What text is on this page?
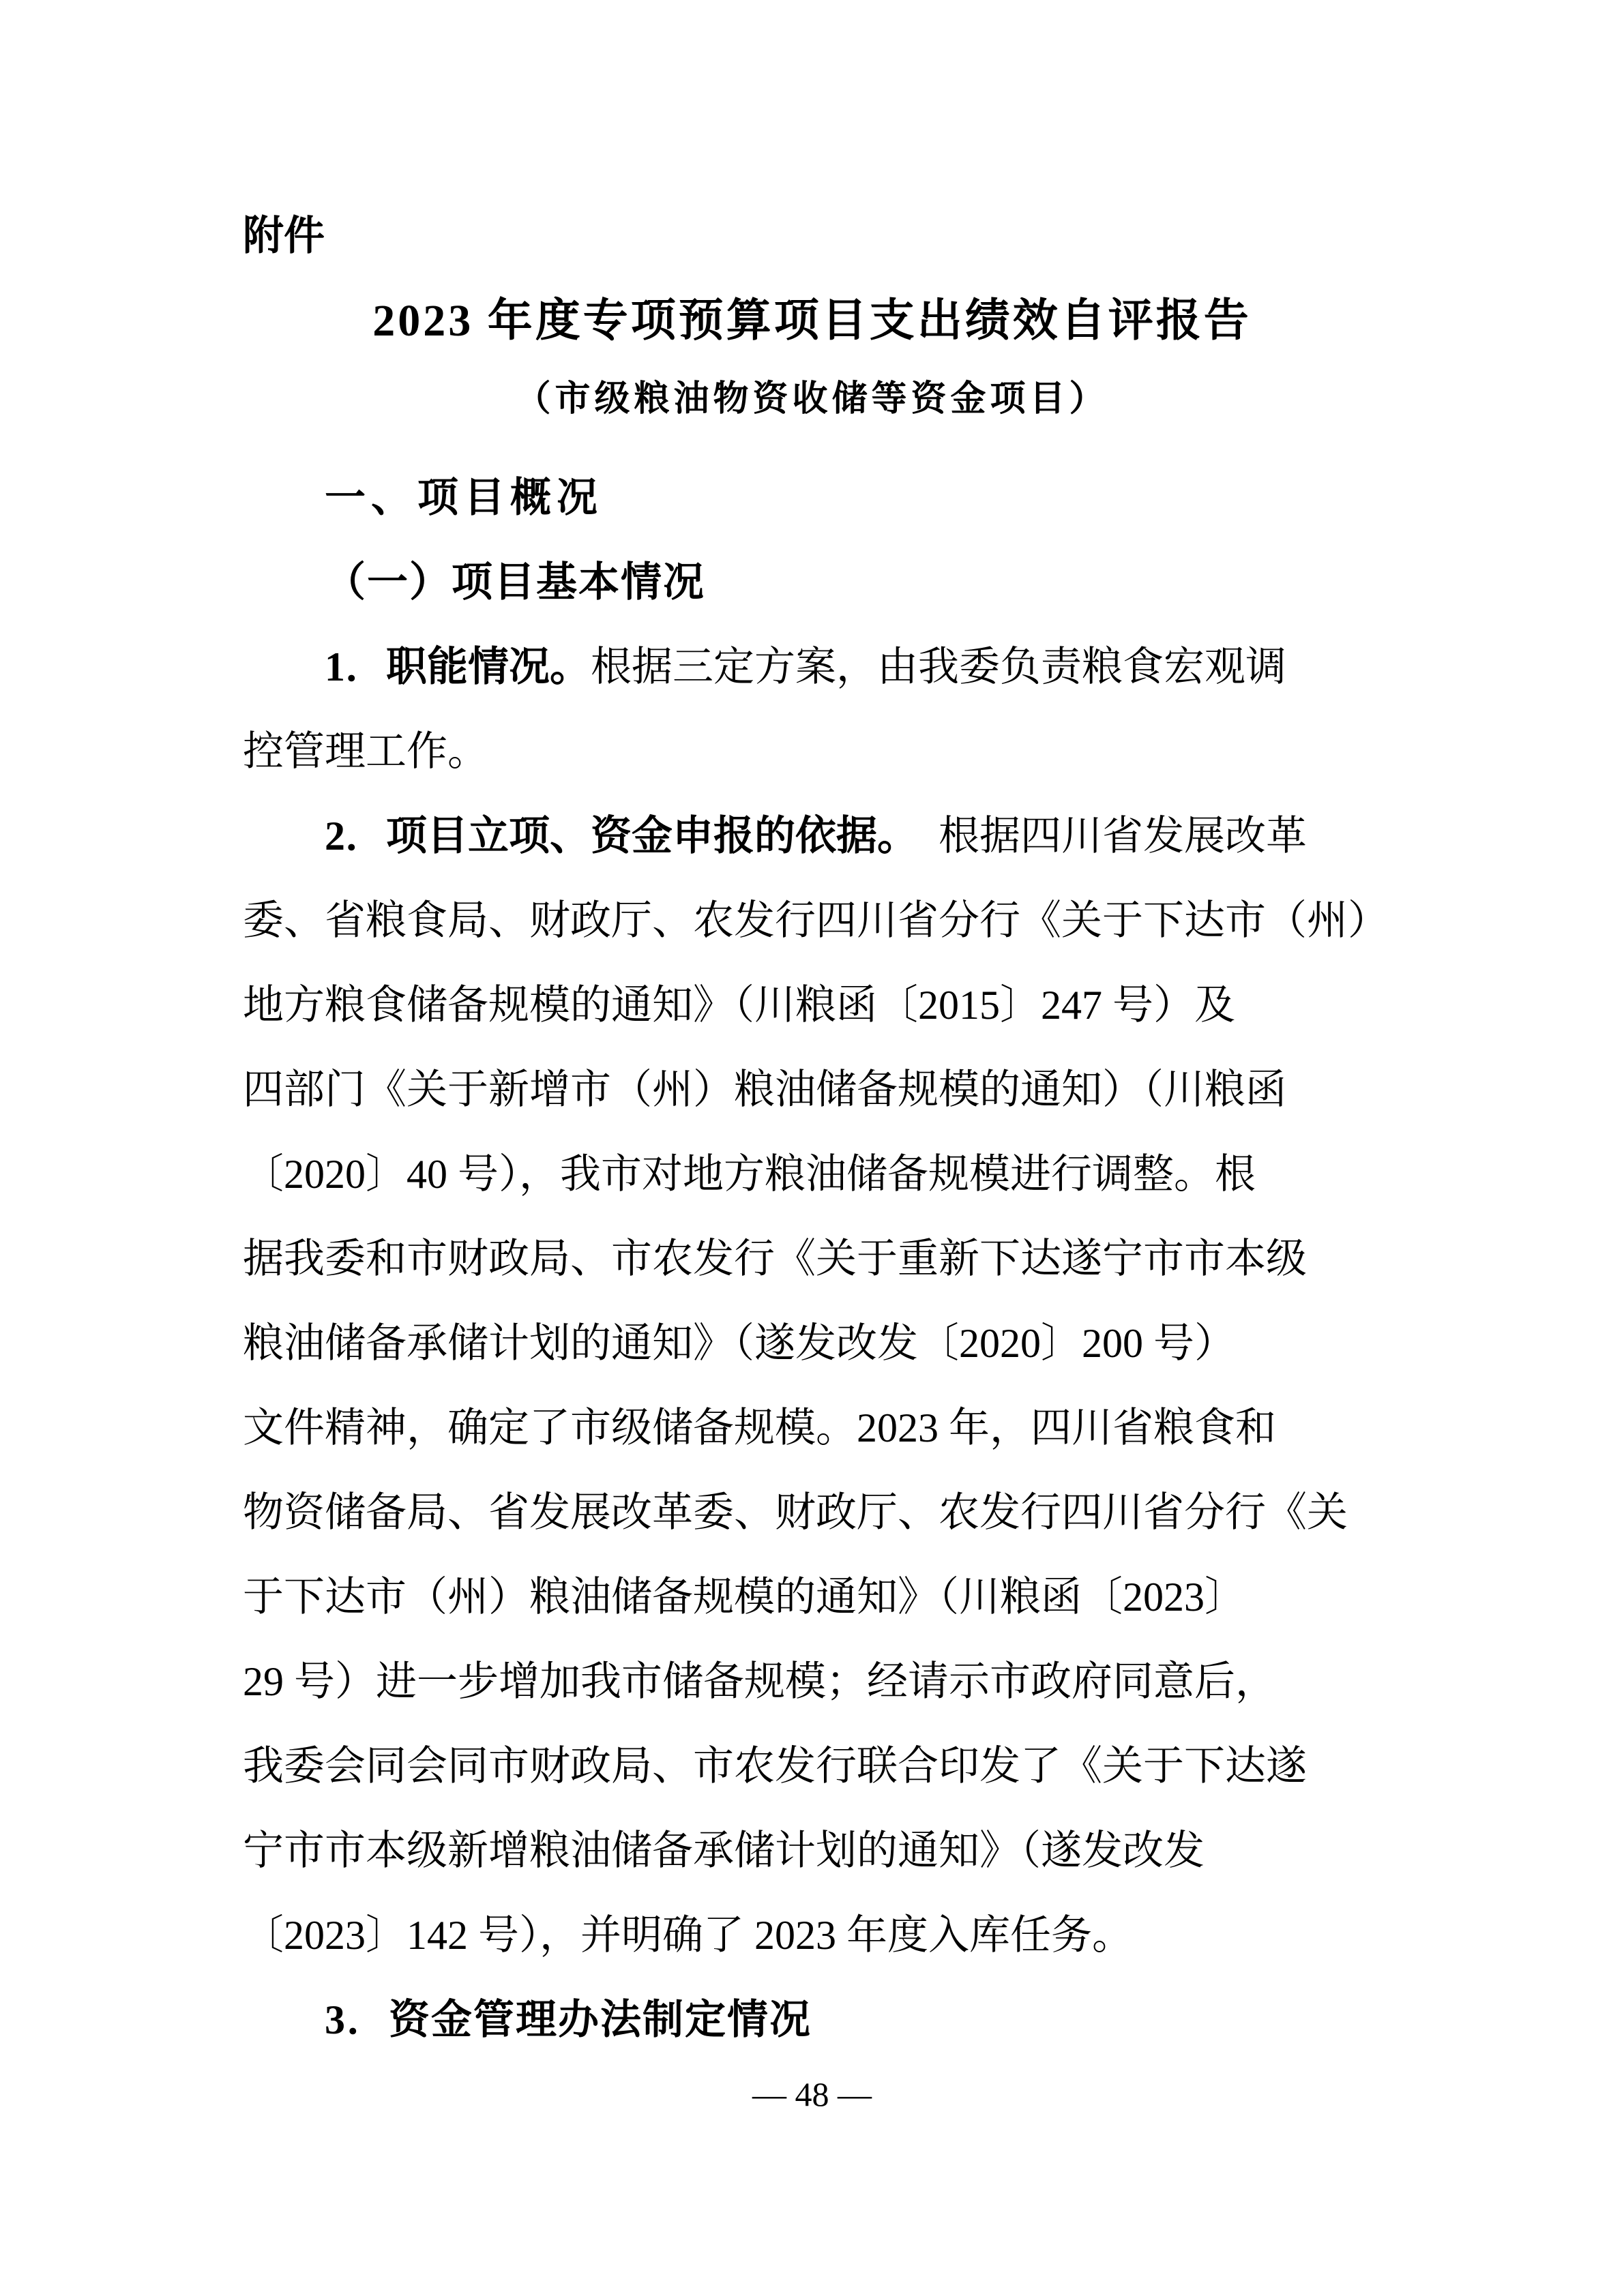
附件
2023 年度专项预算项目支出绩效自评报告
（市级粮油物资收储等资金项目）
一、项目概况
（一）项目基本情况
1．职能情况。根据三定方案，由我委负责粮食宏观调
控管理工作。
2．项目立项、资金申报的依据。　根据四川省发展改革
委、省粮食局、财政厅、农发行四川省分行《关于下达市（州）
地方粮食储备规模的通知》（川粮函〔2015〕247 号）及
四部门《关于新增市（州）粮油储备规模的通知）（川粮函
〔2020〕40 号），我市对地方粮油储备规模进行调整。根
据我委和市财政局、市农发行《关于重新下达遂宁市市本级
粮油储备承储计划的通知》（遂发改发〔2020〕200 号）
文件精神，确定了市级储备规模。2023 年，四川省粮食和
物资储备局、省发展改革委、财政厅、农发行四川省分行《关
于下达市（州）粮油储备规模的通知》（川粮函〔2023〕
29 号）进一步增加我市储备规模；经请示市政府同意后，
我委会同会同市财政局、市农发行联合印发了《关于下达遂
宁市市本级新增粮油储备承储计划的通知》（遂发改发
〔2023〕142 号），并明确了 2023 年度入库任务。
3．资金管理办法制定情况
— 48 —
